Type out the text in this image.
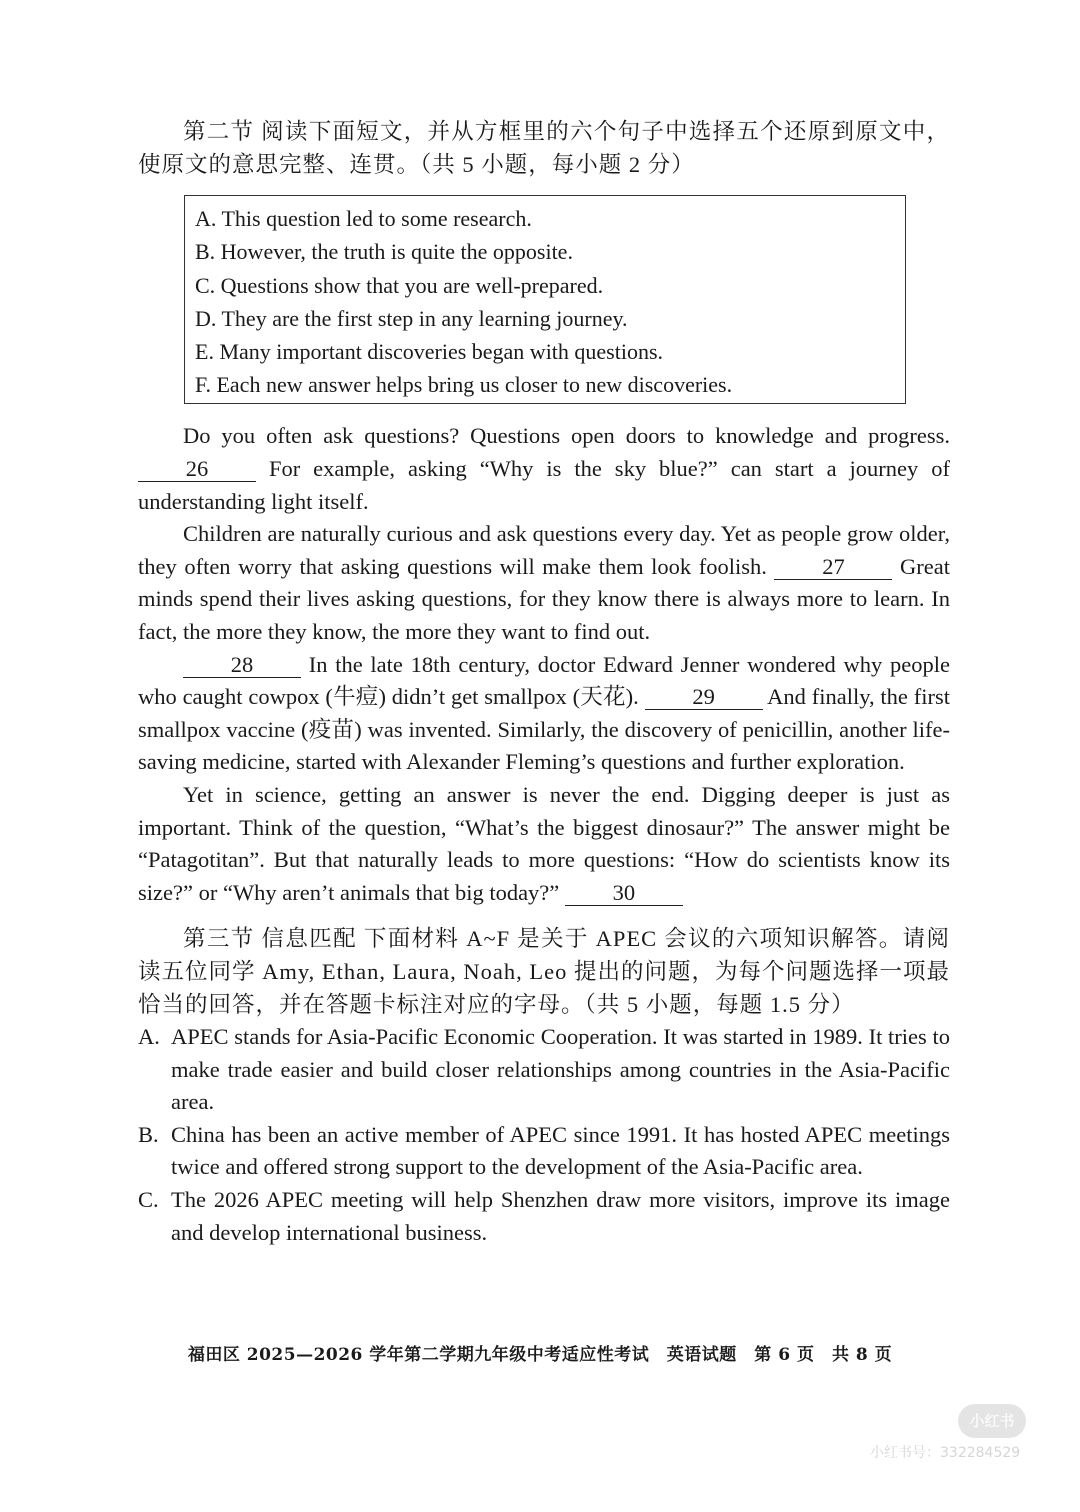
第二节 阅读下面短文，并从方框里的六个句子中选择五个还原到原文中，使原文的意思完整、连贯。（共 5 小题，每小题 2 分）

A. This question led to some research.

B. However, the truth is quite the opposite.

C. Questions show that you are well-prepared.

D. They are the first step in any learning journey.

E. Many important discoveries began with questions.

F. Each new answer helps bring us closer to new discoveries.

Do you often ask questions? Questions open doors to knowledge and progress. 26 For example, asking “Why is the sky blue?” can start a journey of understanding light itself.

Children are naturally curious and ask questions every day. Yet as people grow older, they often worry that asking questions will make them look foolish. 27 Great minds spend their lives asking questions, for they know there is always more to learn. In fact, the more they know, the more they want to find out.

28 In the late 18th century, doctor Edward Jenner wondered why people who caught cowpox (牛痘) didn’t get smallpox (天花). 29 And finally, the first smallpox vaccine (疫苗) was invented. Similarly, the discovery of penicillin, another life-saving medicine, started with Alexander Fleming’s questions and further exploration.

Yet in science, getting an answer is never the end. Digging deeper is just as important. Think of the question, “What’s the biggest dinosaur?” The answer might be “Patagotitan”. But that naturally leads to more questions: “How do scientists know its size?” or “Why aren’t animals that big today?” 30

第三节 信息匹配 下面材料 A~F 是关于 APEC 会议的六项知识解答。请阅读五位同学 Amy, Ethan, Laura, Noah, Leo 提出的问题，为每个问题选择一项最恰当的回答，并在答题卡标注对应的字母。（共 5 小题，每题 1.5 分）

A. APEC stands for Asia-Pacific Economic Cooperation. It was started in 1989. It tries to make trade easier and build closer relationships among countries in the Asia-Pacific area.
B. China has been an active member of APEC since 1991. It has hosted APEC meetings twice and offered strong support to the development of the Asia-Pacific area.
C. The 2026 APEC meeting will help Shenzhen draw more visitors, improve its image and develop international business.
福田区 2025—2026 学年第二学期九年级中考适应性考试　英语试题　第 6 页　共 8 页
小红书
小红书号：332284529
